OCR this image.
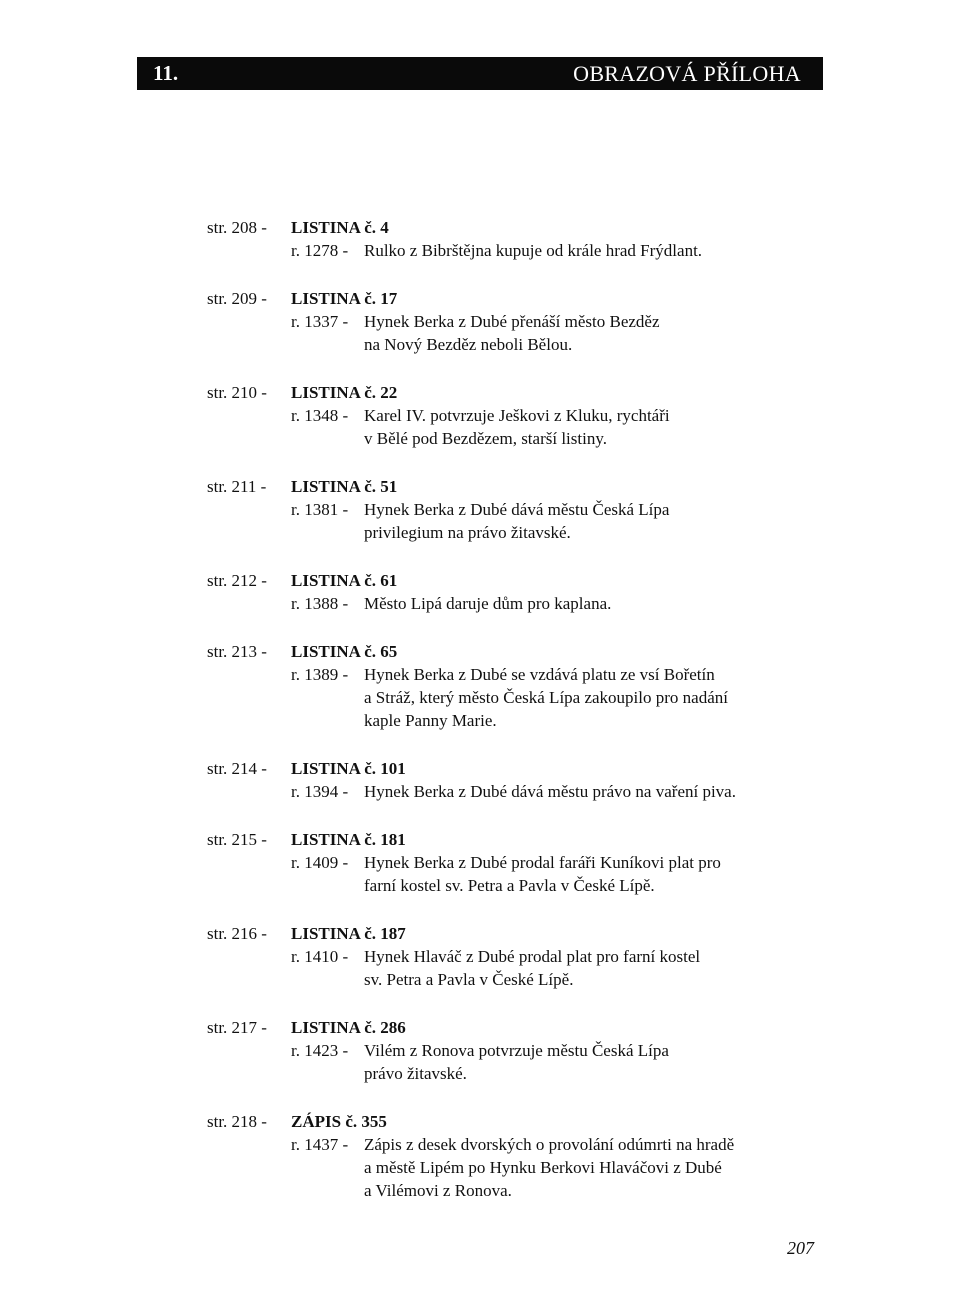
11.	OBRAZOVÁ PŘÍLOHA
str. 208 -	LISTINA č. 4
r. 1278 - Rulko z Bibrštějna kupuje od krále hrad Frýdlant.
str. 209 -	LISTINA č. 17
r. 1337 - Hynek Berka z Dubé přenáší město Bezděz
na Nový Bezděz neboli Bělou.
str. 210 -	LISTINA č. 22
r. 1348 - Karel IV. potvrzuje Ješkovi z Kluku, rychtáři
v Bělé pod Bezdězem, starší listiny.
str. 211 -	LISTINA č. 51
r. 1381 - Hynek Berka z Dubé dává městu Česká Lípa
privilegium na právo žitavské.
str. 212 -	LISTINA č. 61
r. 1388 - Město Lipá daruje dům pro kaplana.
str. 213 -	LISTINA č. 65
r. 1389 - Hynek Berka z Dubé se vzdává platu ze vsí Bořetín
a Stráž, který město Česká Lípa zakoupilo pro nadání
kaple Panny Marie.
str. 214 -	LISTINA č. 101
r. 1394 - Hynek Berka z Dubé dává městu právo na vaření piva.
str. 215 -	LISTINA č. 181
r. 1409 - Hynek Berka z Dubé prodal faráři Kuníkovi plat pro
farní kostel sv. Petra a Pavla v České Lípě.
str. 216 -	LISTINA č. 187
r. 1410 - Hynek Hlaváč z Dubé prodal plat pro farní kostel
sv. Petra a Pavla v České Lípě.
str. 217 -	LISTINA č. 286
r. 1423 - Vilém z Ronova potvrzuje městu Česká Lípa
právo žitavské.
str. 218 -	ZÁPIS č. 355
r. 1437 - Zápis z desek dvorských o provolání odúmrti na hradě
a městě Lipém po Hynku Berkovi Hlaváčovi z Dubé
a Vilémovi z Ronova.
207
